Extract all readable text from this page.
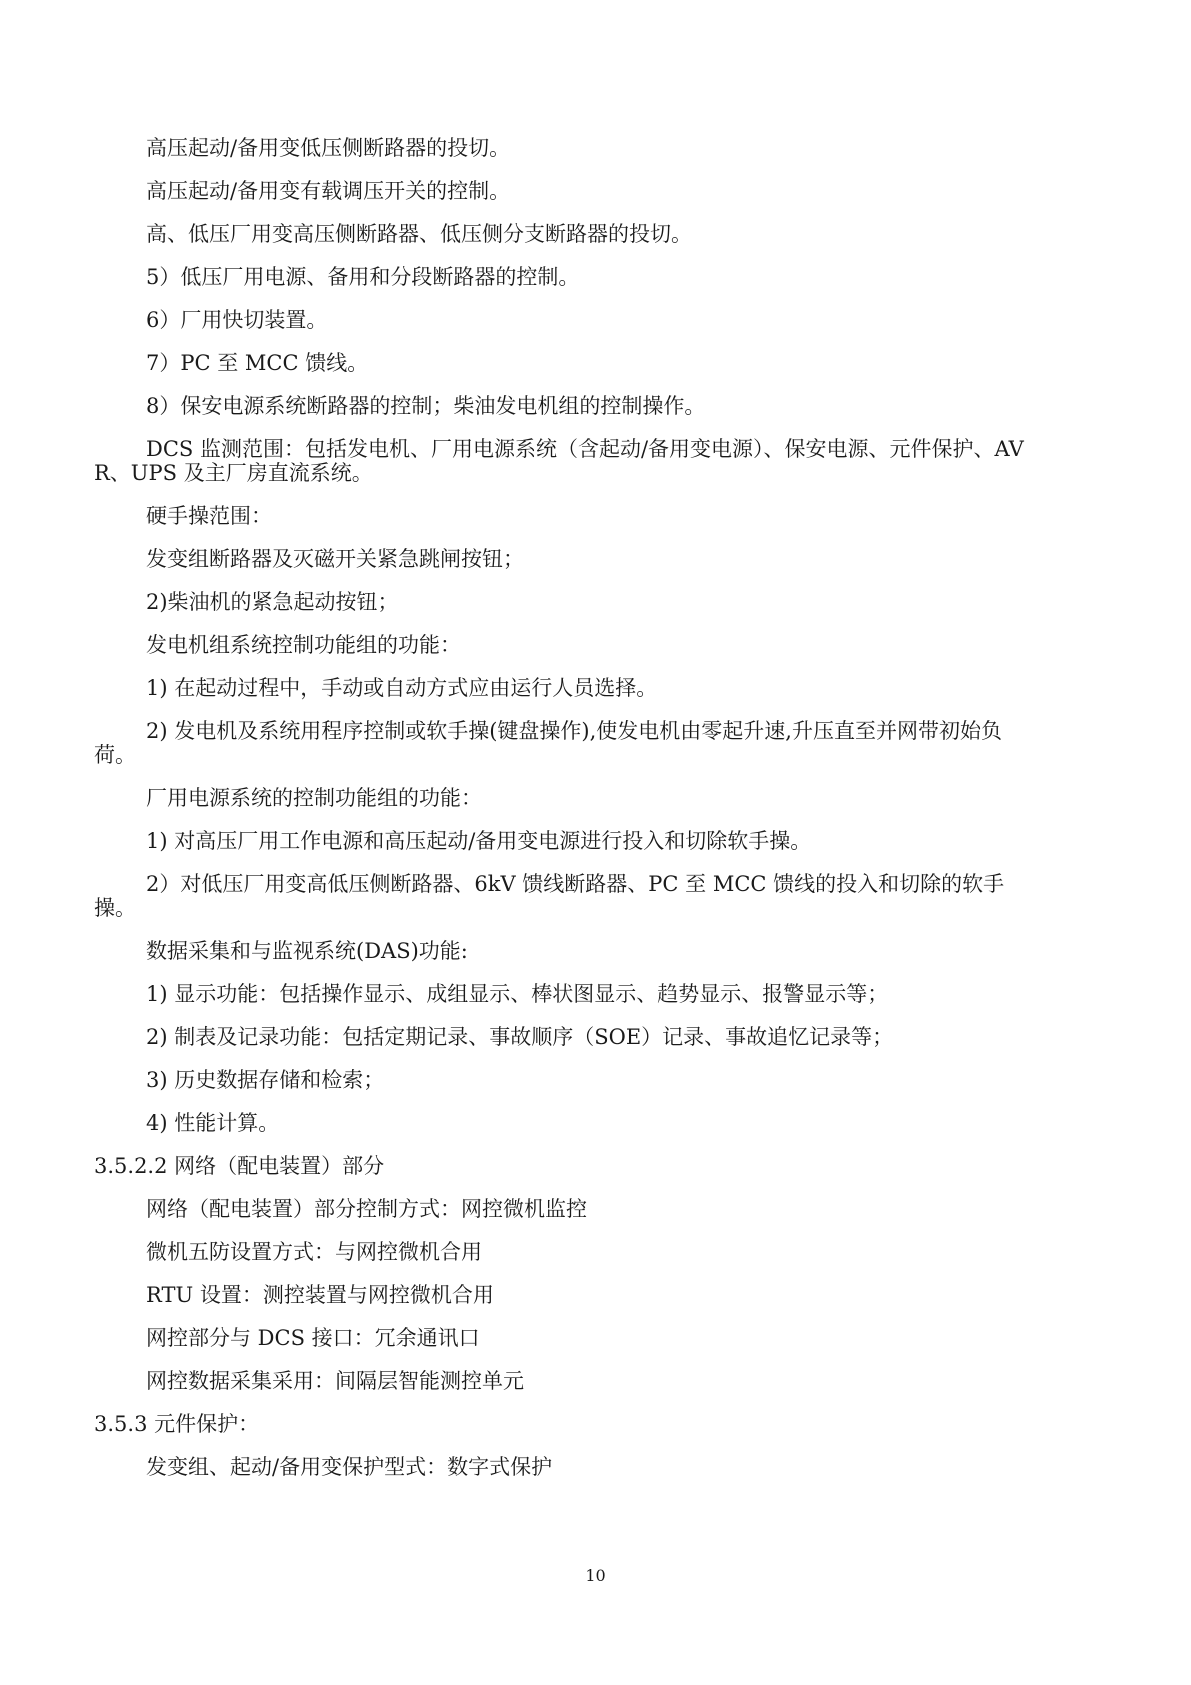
高压起动/备用变低压侧断路器的投切。

高压起动/备用变有载调压开关的控制。

高、低压厂用变高压侧断路器、低压侧分支断路器的投切。

5）低压厂用电源、备用和分段断路器的控制。

6）厂用快切装置。

7）PC 至 MCC 馈线。

8）保安电源系统断路器的控制；柴油发电机组的控制操作。

DCS 监测范围：包括发电机、厂用电源系统（含起动/备用变电源）、保安电源、元件保护、AVR、UPS 及主厂房直流系统。

硬手操范围：

发变组断路器及灭磁开关紧急跳闸按钮；

2)柴油机的紧急起动按钮；

发电机组系统控制功能组的功能：

1) 在起动过程中，手动或自动方式应由运行人员选择。

2) 发电机及系统用程序控制或软手操(键盘操作),使发电机由零起升速,升压直至并网带初始负荷。

厂用电源系统的控制功能组的功能：

1) 对高压厂用工作电源和高压起动/备用变电源进行投入和切除软手操。

2）对低压厂用变高低压侧断路器、6kV 馈线断路器、PC 至 MCC 馈线的投入和切除的软手操。

数据采集和与监视系统(DAS)功能:

1) 显示功能：包括操作显示、成组显示、棒状图显示、趋势显示、报警显示等；

2) 制表及记录功能：包括定期记录、事故顺序（SOE）记录、事故追忆记录等；

3) 历史数据存储和检索；

4) 性能计算。

3.5.2.2 网络（配电装置）部分

网络（配电装置）部分控制方式：网控微机监控

微机五防设置方式：与网控微机合用

RTU 设置：测控装置与网控微机合用

网控部分与 DCS 接口：冗余通讯口

网控数据采集采用：间隔层智能测控单元

3.5.3 元件保护：

发变组、起动/备用变保护型式：数字式保护

10
